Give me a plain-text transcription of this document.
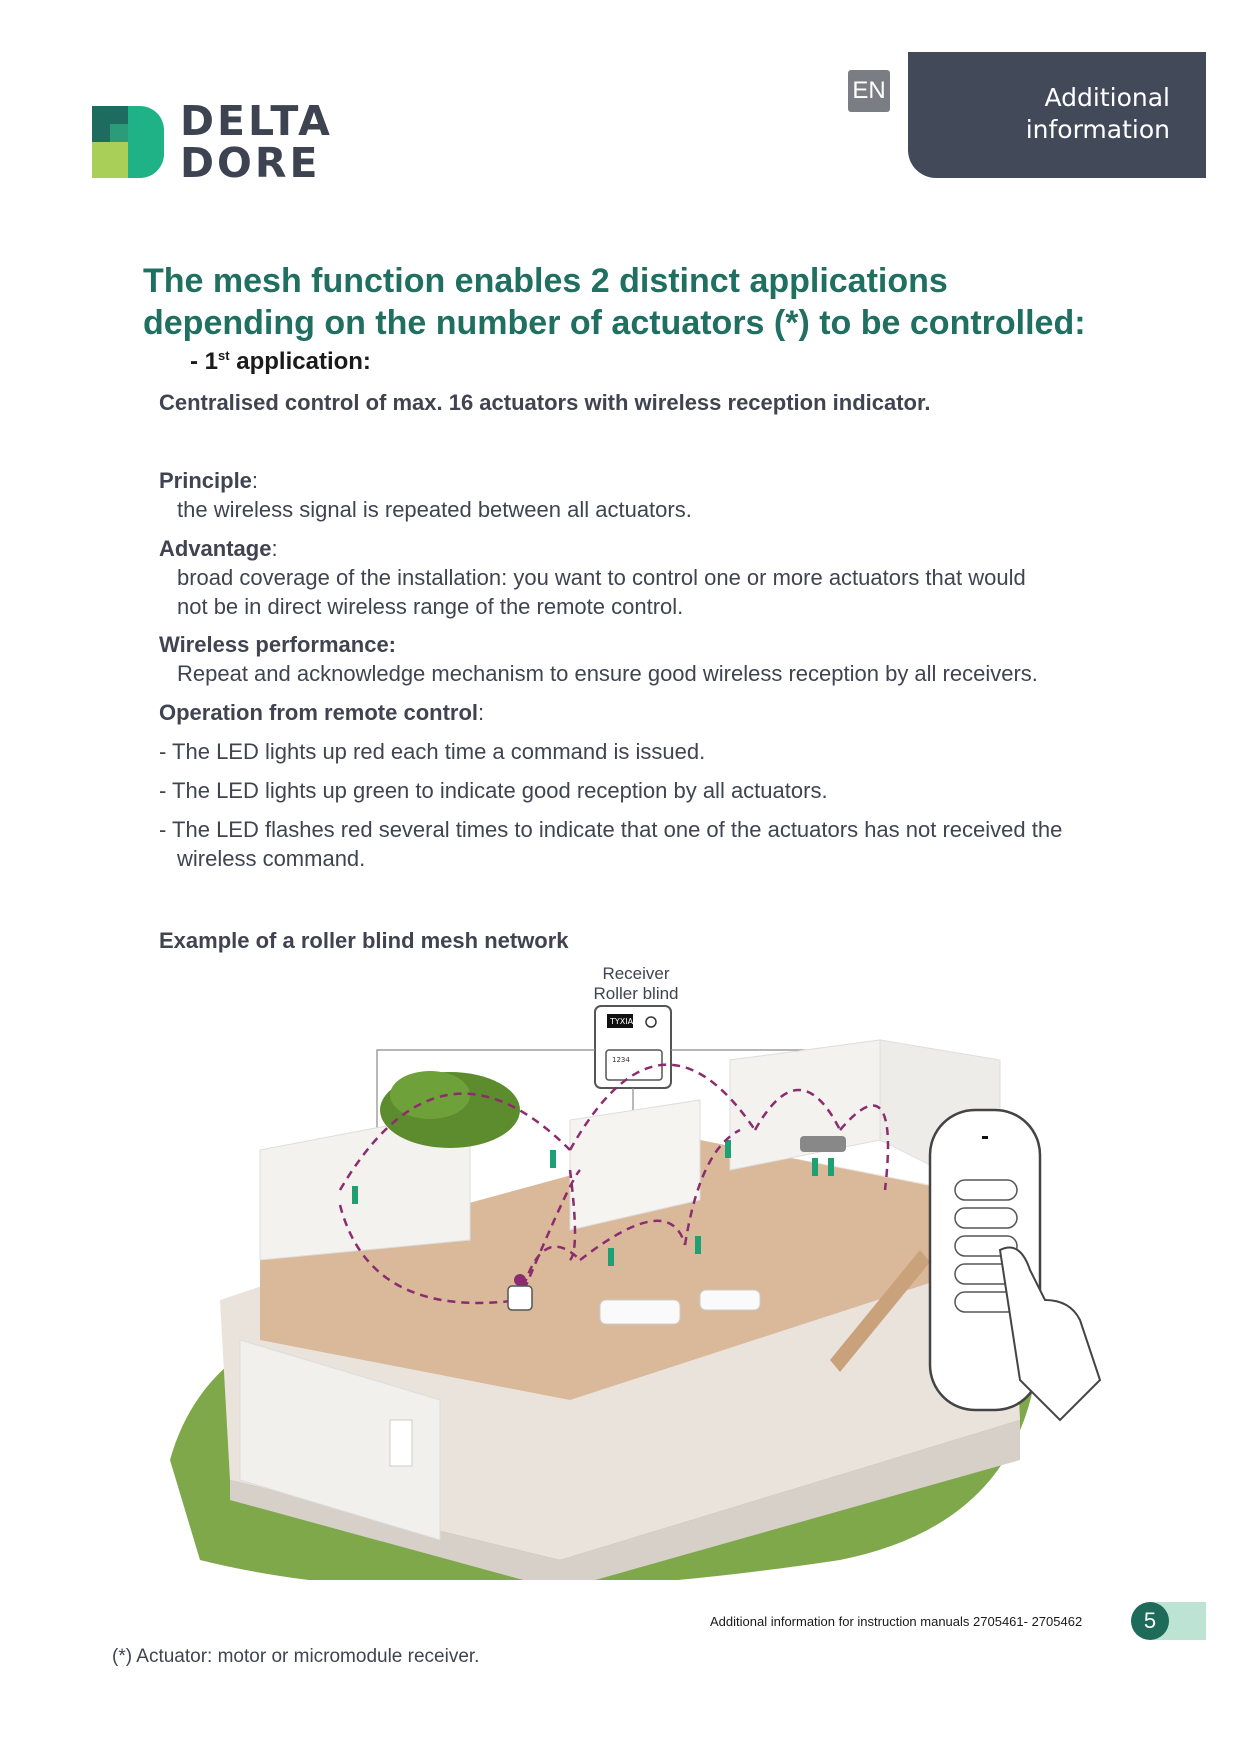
DELTA
DORE
EN	Additional
information
The mesh function enables 2 distinct applications
depending on the number of actuators (*) to be controlled:
- 1st application:
Centralised control of max. 16 actuators with wireless reception indicator.
Principle:
the wireless signal is repeated between all actuators.
Advantage:
broad coverage of the installation: you want to control one or more actuators that would
not be in direct wireless range of the remote control.
Wireless performance:
Repeat and acknowledge mechanism to ensure good wireless reception by all receivers.
Operation from remote control:
- The LED lights up red each time a command is issued.
- The LED lights up green to indicate good reception by all actuators.
- The LED flashes red several times to indicate that one of the actuators has not received the
wireless command.
Example of a roller blind mesh network
Receiver
Roller blind
TYXIA
1234
Additional information for instruction manuals 2705461- 2705462	5
(*) Actuator: motor or micromodule receiver.
